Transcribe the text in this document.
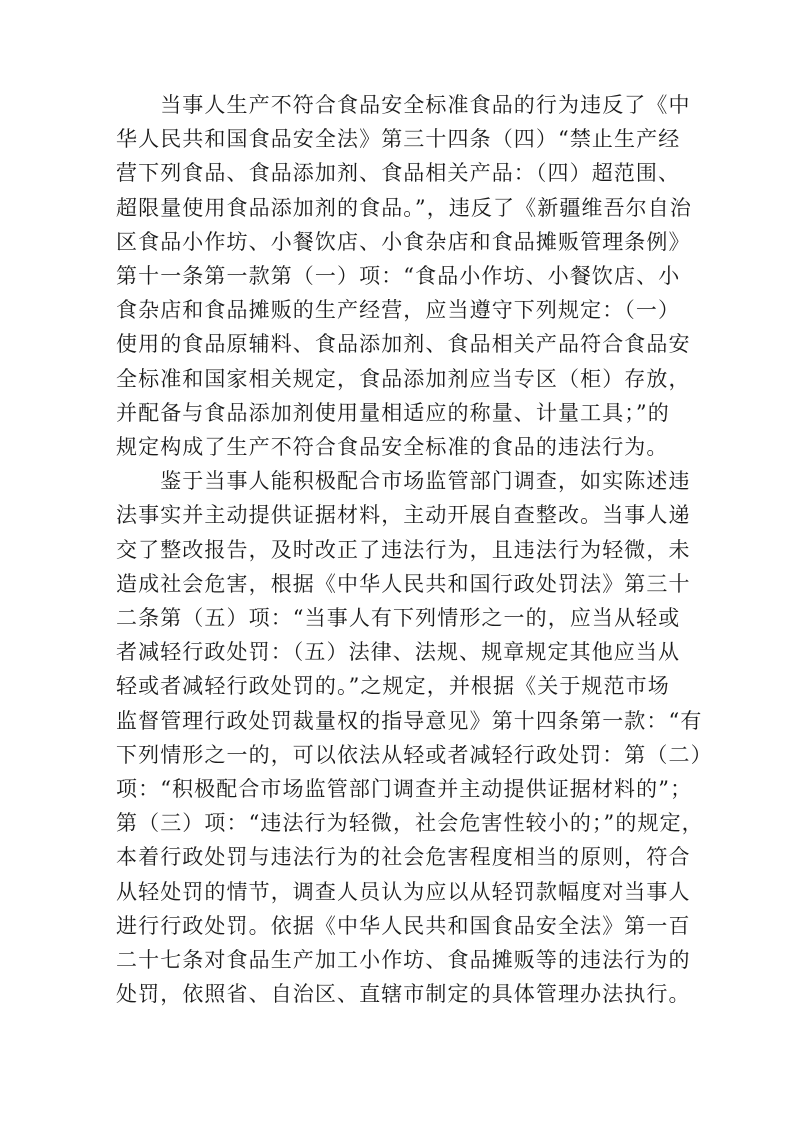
　　当事人生产不符合食品安全标准食品的行为违反了《中
华人民共和国食品安全法》第三十四条（四）“禁止生产经
营下列食品、食品添加剂、食品相关产品：（四）超范围、
超限量使用食品添加剂的食品。”，违反了《新疆维吾尔自治
区食品小作坊、小餐饮店、小食杂店和食品摊贩管理条例》
第十一条第一款第（一）项：“食品小作坊、小餐饮店、小
食杂店和食品摊贩的生产经营，应当遵守下列规定：（一）
使用的食品原辅料、食品添加剂、食品相关产品符合食品安
全标准和国家相关规定，食品添加剂应当专区（柜）存放，
并配备与食品添加剂使用量相适应的称量、计量工具；”的
规定构成了生产不符合食品安全标准的食品的违法行为。

　　鉴于当事人能积极配合市场监管部门调查，如实陈述违
法事实并主动提供证据材料，主动开展自查整改。当事人递
交了整改报告，及时改正了违法行为，且违法行为轻微，未
造成社会危害，根据《中华人民共和国行政处罚法》第三十
二条第（五）项：“当事人有下列情形之一的，应当从轻或
者减轻行政处罚：（五）法律、法规、规章规定其他应当从
轻或者减轻行政处罚的。”之规定，并根据《关于规范市场
监督管理行政处罚裁量权的指导意见》第十四条第一款：“有
下列情形之一的，可以依法从轻或者减轻行政处罚：第（二）
项：“积极配合市场监管部门调查并主动提供证据材料的”；
第（三）项：“违法行为轻微，社会危害性较小的；”的规定，
本着行政处罚与违法行为的社会危害程度相当的原则，符合
从轻处罚的情节，调查人员认为应以从轻罚款幅度对当事人
进行行政处罚。依据《中华人民共和国食品安全法》第一百
二十七条对食品生产加工小作坊、食品摊贩等的违法行为的
处罚，依照省、自治区、直辖市制定的具体管理办法执行。
